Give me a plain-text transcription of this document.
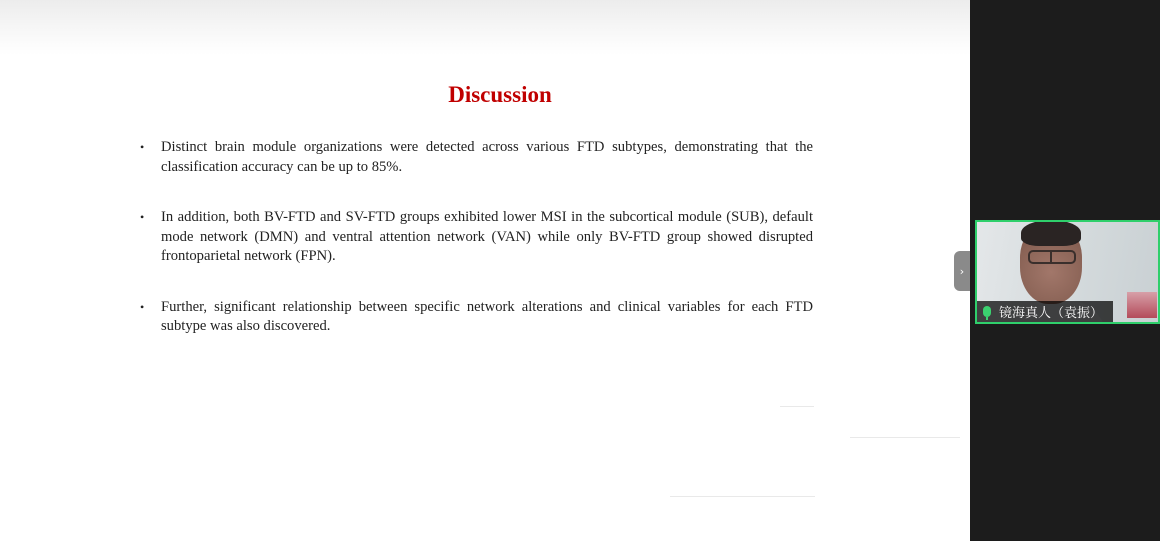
Discussion
• Distinct brain module organizations were detected across various FTD subtypes, demonstrating that the classification accuracy can be up to 85%.
• In addition, both BV-FTD and SV-FTD groups exhibited lower MSI in the subcortical module (SUB), default mode network (DMN) and ventral attention network (VAN) while only BV-FTD group showed disrupted frontoparietal network (FPN).
• Further, significant relationship between specific network alterations and clinical variables for each FTD subtype was also discovered.
›
镜海真人（袁振）
